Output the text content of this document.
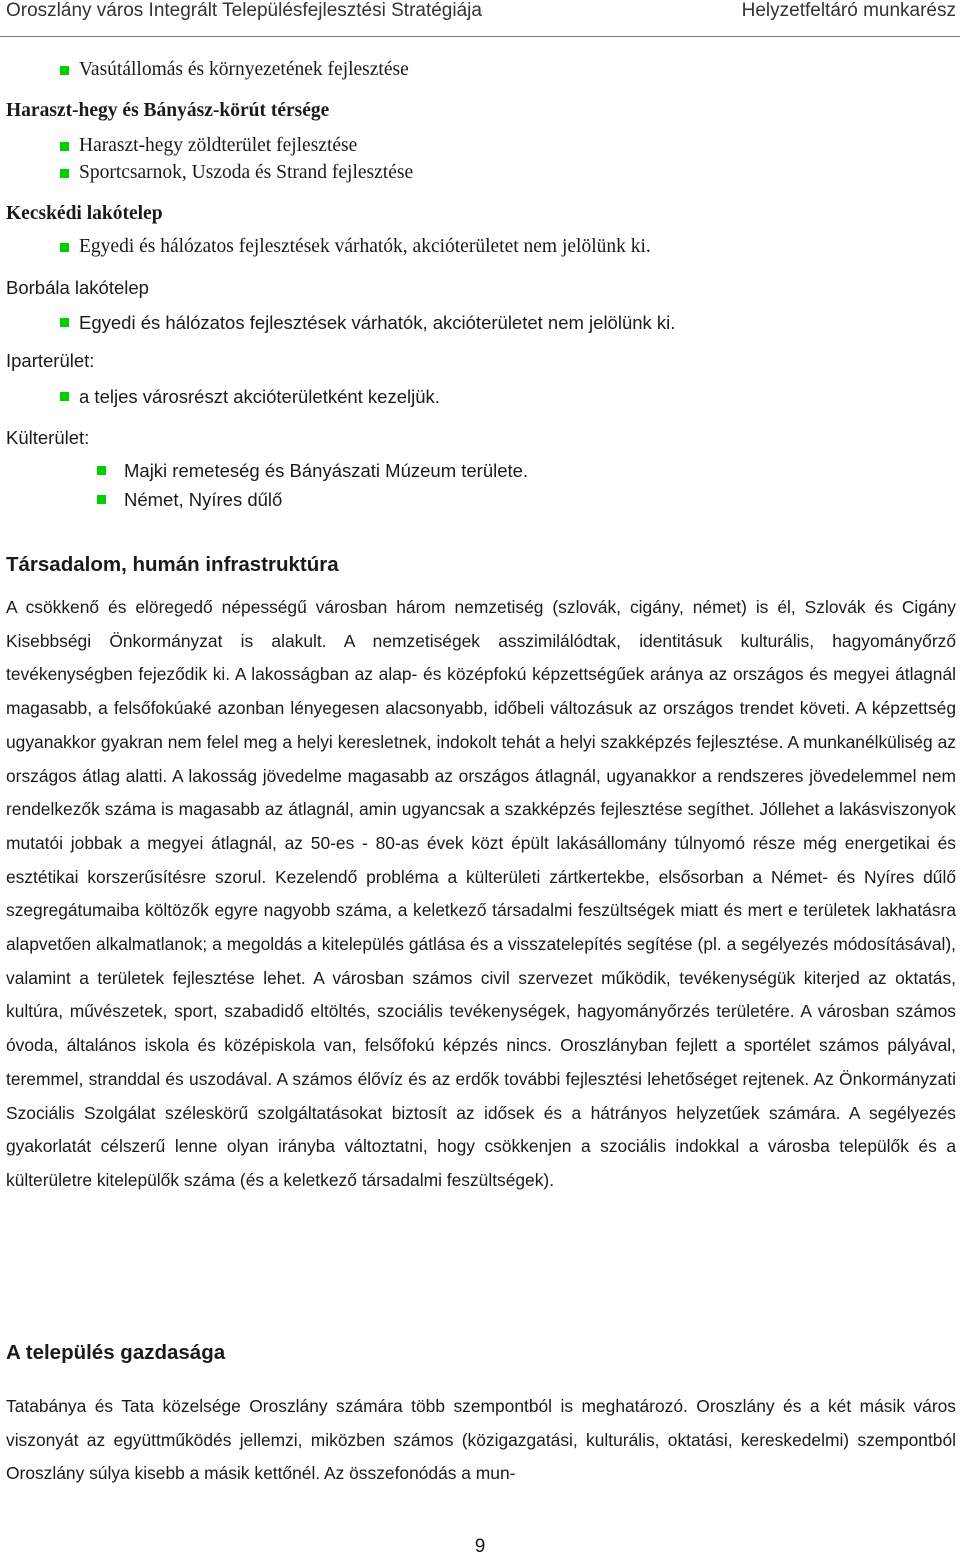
Oroszlány város Integrált Településfejlesztési Stratégiája	Helyzetfeltáró munkarész
Vasútállomás és környezetének fejlesztése
Haraszt-hegy és Bányász-körút térsége
Haraszt-hegy zöldterület fejlesztése
Sportcsarnok, Uszoda és Strand fejlesztése
Kecskédi lakótelep
Egyedi és hálózatos fejlesztések várhatók, akcióterületet nem jelölünk ki.
Borbála lakótelep
Egyedi és hálózatos fejlesztések várhatók, akcióterületet nem jelölünk ki.
Iparterület:
a teljes városrészt akcióterületként kezeljük.
Külterület:
Majki remeteség és Bányászati Múzeum területe.
Német, Nyíres dűlő
Társadalom, humán infrastruktúra
A csökkenő és elöregedő népességű városban három nemzetiség (szlovák, cigány, német) is él, Szlovák és Cigány Kisebbségi Önkormányzat is alakult. A nemzetiségek asszimilálódtak, identitásuk kulturális, hagyományőrző tevékenységben fejeződik ki. A lakosságban az alap- és középfokú képzettségűek aránya az országos és megyei átlagnál magasabb, a felsőfokúaké azonban lényegesen alacsonyabb, időbeli változásuk az országos trendet követi. A képzettség ugyanakkor gyakran nem felel meg a helyi keresletnek, indokolt tehát a helyi szakképzés fejlesztése. A munkanélküliség az országos átlag alatti. A lakosság jövedelme magasabb az országos átlagnál, ugyanakkor a rendszeres jövedelemmel nem rendelkezők száma is magasabb az átlagnál, amin ugyancsak a szakképzés fejlesztése segíthet. Jóllehet a lakásviszonyok mutatói jobbak a megyei átlagnál, az 50-es - 80-as évek közt épült lakásállomány túlnyomó része még energetikai és esztétikai korszerűsítésre szorul. Kezelendő probléma a külterületi zártkertekbe, elsősorban a Német- és Nyíres dűlő szegregátumaiba költözők egyre nagyobb száma, a keletkező társadalmi feszültségek miatt és mert e területek lakhatásra alapvetően alkalmatlanok; a megoldás a kitelepülés gátlása és a visszatelepítés segítése (pl. a segélyezés módosításával), valamint a területek fejlesztése lehet. A városban számos civil szervezet működik, tevékenységük kiterjed az oktatás, kultúra, művészetek, sport, szabadidő eltöltés, szociális tevékenységek, hagyományőrzés területére. A városban számos óvoda, általános iskola és középiskola van, felsőfokú képzés nincs. Oroszlányban fejlett a sportélet számos pályával, teremmel, stranddal és uszodával. A számos élővíz és az erdők további fejlesztési lehetőséget rejtenek. Az Önkormányzati Szociális Szolgálat széleskörű szolgáltatásokat biztosít az idősek és a hátrányos helyzetűek számára. A segélyezés gyakorlatát célszerű lenne olyan irányba változtatni, hogy csökkenjen a szociális indokkal a városba települők és a külterületre kitelepülők száma (és a keletkező társadalmi feszültségek).
A település gazdasága
Tatabánya és Tata közelsége Oroszlány számára több szempontból is meghatározó. Oroszlány és a két másik város viszonyát az együttműködés jellemzi, miközben számos (közigazgatási, kulturális, oktatási, kereskedelmi) szempontból Oroszlány súlya kisebb a másik kettőnél. Az összefonódás a mun-
9
